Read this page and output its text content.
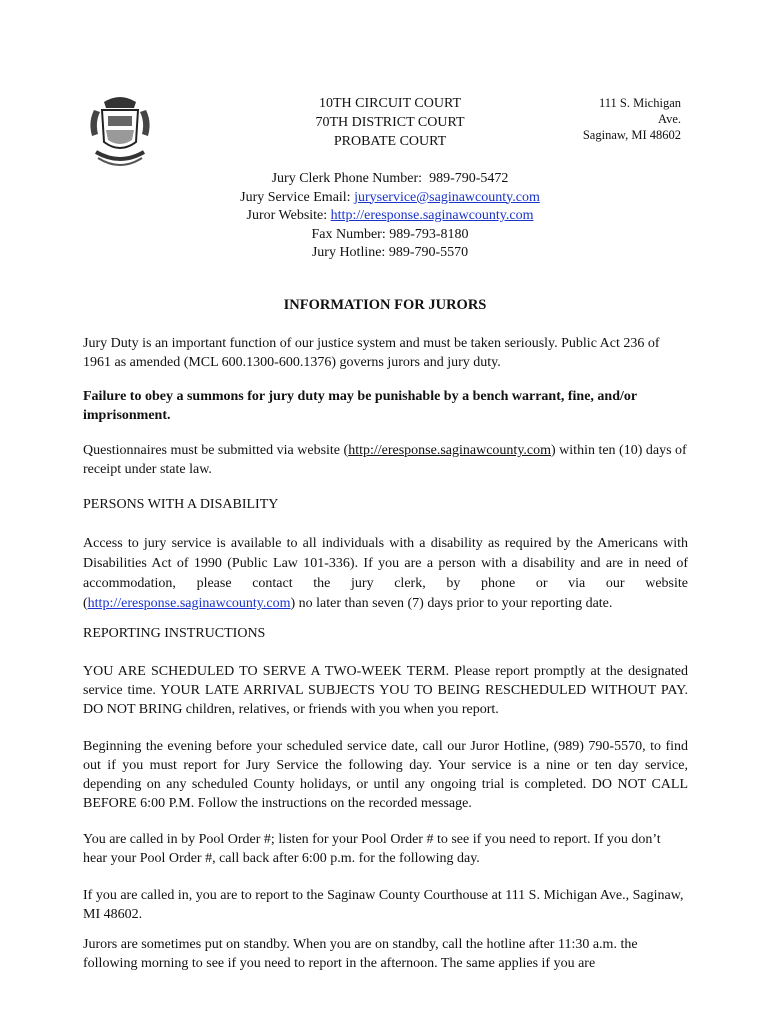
10TH CIRCUIT COURT
70TH DISTRICT COURT
PROBATE COURT
111 S. Michigan
Ave.
Saginaw, MI 48602
Jury Clerk Phone Number:  989-790-5472
Jury Service Email: juryservice@saginawcounty.com
Juror Website: http://eresponse.saginawcounty.com
Fax Number: 989-793-8180
Jury Hotline: 989-790-5570
INFORMATION FOR JURORS
Jury Duty is an important function of our justice system and must be taken seriously. Public Act 236 of 1961 as amended (MCL 600.1300-600.1376) governs jurors and jury duty.
Failure to obey a summons for jury duty may be punishable by a bench warrant, fine, and/or imprisonment.
Questionnaires must be submitted via website (http://eresponse.saginawcounty.com) within ten (10) days of receipt under state law.
PERSONS WITH A DISABILITY
Access to jury service is available to all individuals with a disability as required by the Americans with Disabilities Act of 1990 (Public Law 101-336). If you are a person with a disability and are in need of accommodation, please contact the jury clerk, by phone or via our website (http://eresponse.saginawcounty.com) no later than seven (7) days prior to your reporting date.
REPORTING INSTRUCTIONS
YOU ARE SCHEDULED TO SERVE A TWO-WEEK TERM. Please report promptly at the designated service time. YOUR LATE ARRIVAL SUBJECTS YOU TO BEING RESCHEDULED WITHOUT PAY. DO NOT BRING children, relatives, or friends with you when you report.
Beginning the evening before your scheduled service date, call our Juror Hotline, (989) 790-5570, to find out if you must report for Jury Service the following day. Your service is a nine or ten day service, depending on any scheduled County holidays, or until any ongoing trial is completed. DO NOT CALL BEFORE 6:00 P.M. Follow the instructions on the recorded message.
You are called in by Pool Order #; listen for your Pool Order # to see if you need to report. If you don’t hear your Pool Order #, call back after 6:00 p.m. for the following day.
If you are called in, you are to report to the Saginaw County Courthouse at 111 S. Michigan Ave., Saginaw, MI 48602.
Jurors are sometimes put on standby. When you are on standby, call the hotline after 11:30 a.m. the following morning to see if you need to report in the afternoon. The same applies if you are
